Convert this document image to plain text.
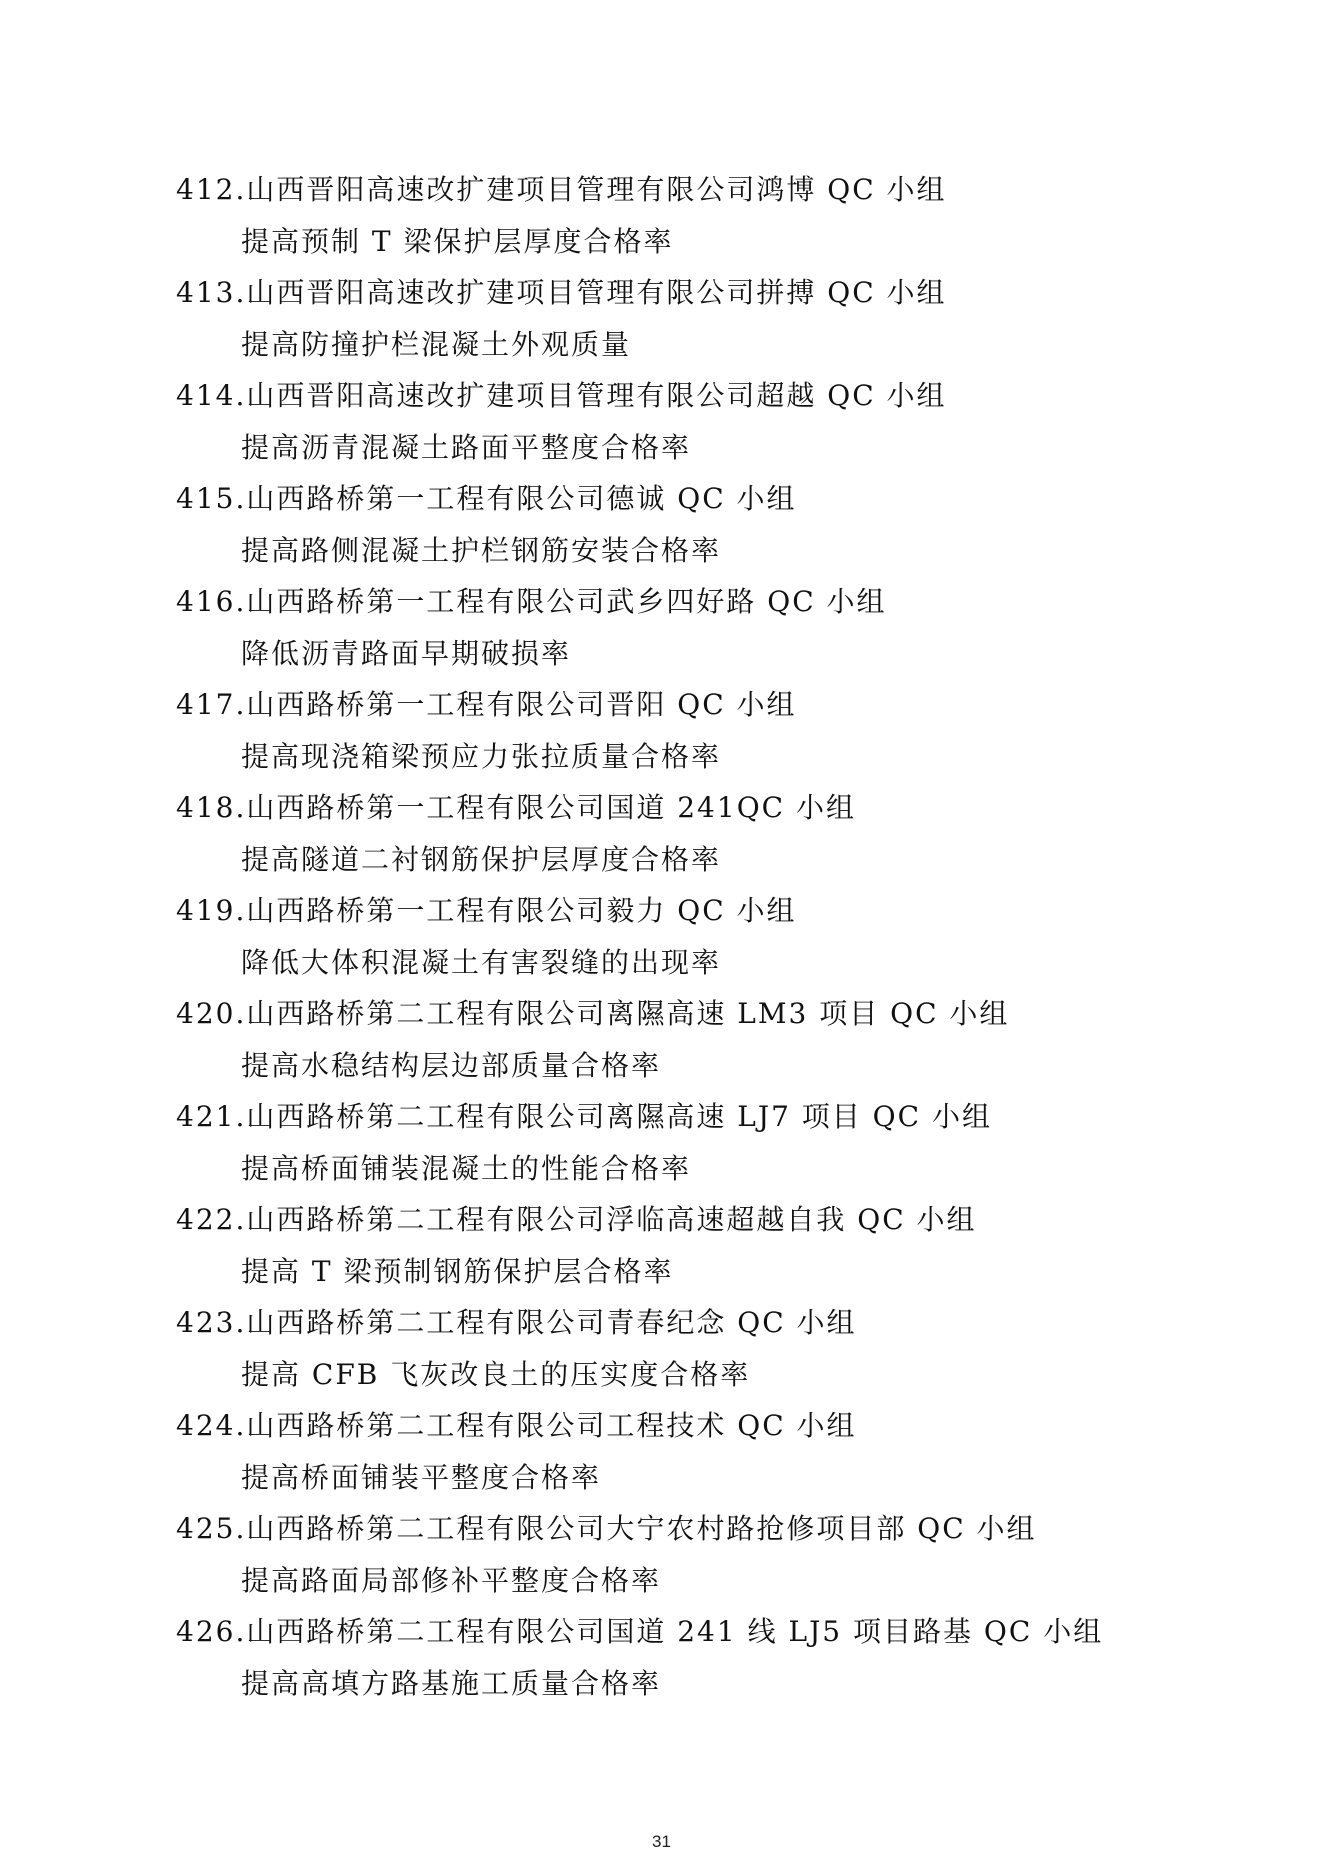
412.山西晋阳高速改扩建项目管理有限公司鸿博 QC 小组
提高预制 T 梁保护层厚度合格率
413.山西晋阳高速改扩建项目管理有限公司拼搏 QC 小组
提高防撞护栏混凝土外观质量
414.山西晋阳高速改扩建项目管理有限公司超越 QC 小组
提高沥青混凝土路面平整度合格率
415.山西路桥第一工程有限公司德诚 QC 小组
提高路侧混凝土护栏钢筋安装合格率
416.山西路桥第一工程有限公司武乡四好路 QC 小组
降低沥青路面早期破损率
417.山西路桥第一工程有限公司晋阳 QC 小组
提高现浇箱梁预应力张拉质量合格率
418.山西路桥第一工程有限公司国道 241QC 小组
提高隧道二衬钢筋保护层厚度合格率
419.山西路桥第一工程有限公司毅力 QC 小组
降低大体积混凝土有害裂缝的出现率
420.山西路桥第二工程有限公司离隰高速 LM3 项目 QC 小组
提高水稳结构层边部质量合格率
421.山西路桥第二工程有限公司离隰高速 LJ7 项目 QC 小组
提高桥面铺装混凝土的性能合格率
422.山西路桥第二工程有限公司浮临高速超越自我 QC 小组
提高 T 梁预制钢筋保护层合格率
423.山西路桥第二工程有限公司青春纪念 QC 小组
提高 CFB 飞灰改良土的压实度合格率
424.山西路桥第二工程有限公司工程技术 QC 小组
提高桥面铺装平整度合格率
425.山西路桥第二工程有限公司大宁农村路抢修项目部 QC 小组
提高路面局部修补平整度合格率
426.山西路桥第二工程有限公司国道 241 线 LJ5 项目路基 QC 小组
提高高填方路基施工质量合格率
31
